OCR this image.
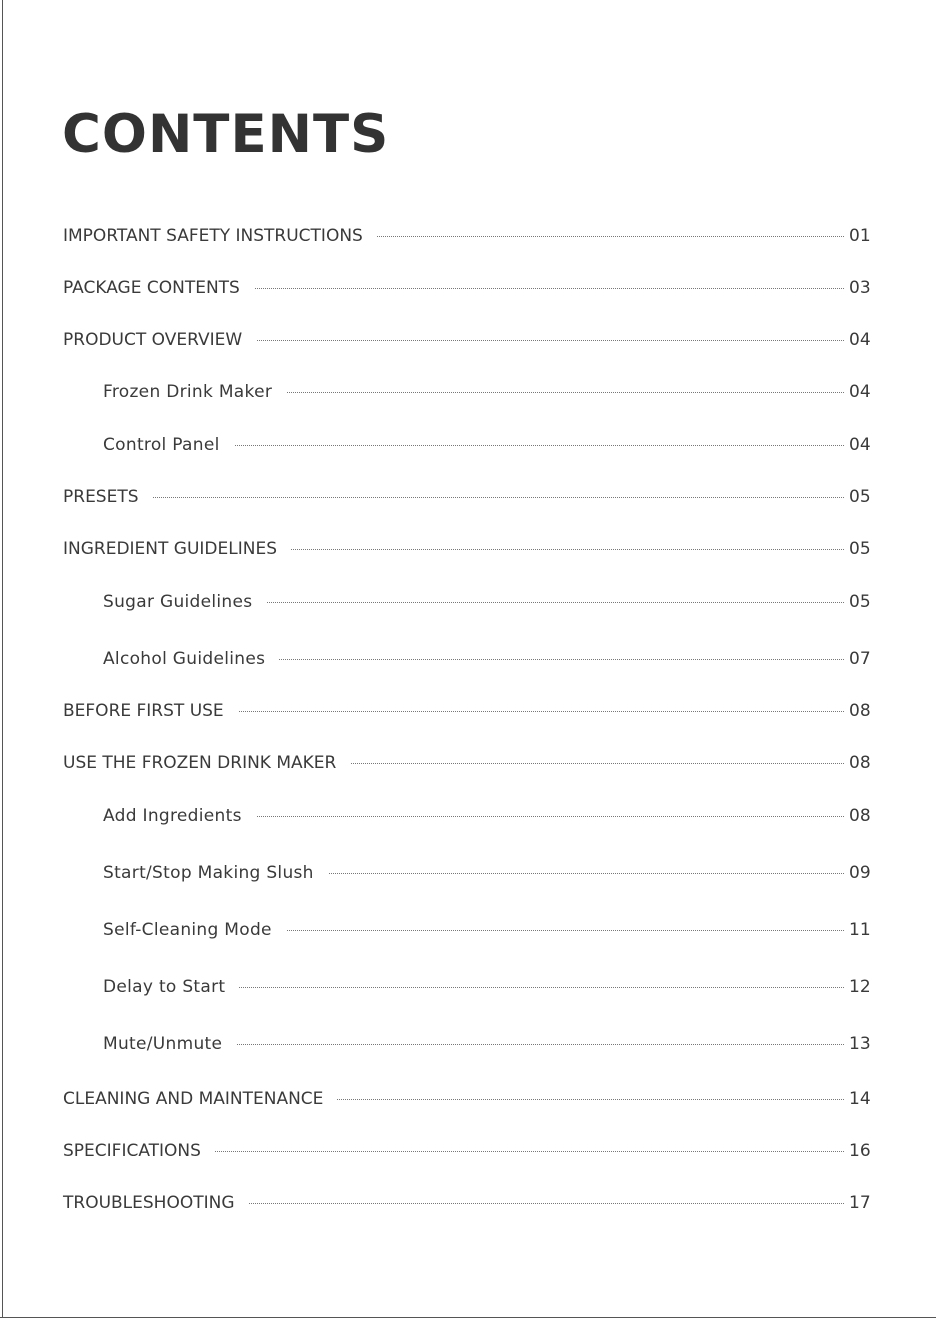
CONTENTS
IMPORTANT SAFETY INSTRUCTIONS	01
PACKAGE CONTENTS	03
PRODUCT OVERVIEW	04
Frozen Drink Maker	04
Control Panel	04
PRESETS	05
INGREDIENT GUIDELINES	05
Sugar Guidelines	05
Alcohol Guidelines	07
BEFORE FIRST USE	08
USE THE FROZEN DRINK MAKER	08
Add Ingredients	08
Start/Stop Making Slush	09
Self-Cleaning Mode	11
Delay to Start	12
Mute/Unmute	13
CLEANING AND MAINTENANCE	14
SPECIFICATIONS	16
TROUBLESHOOTING	17
